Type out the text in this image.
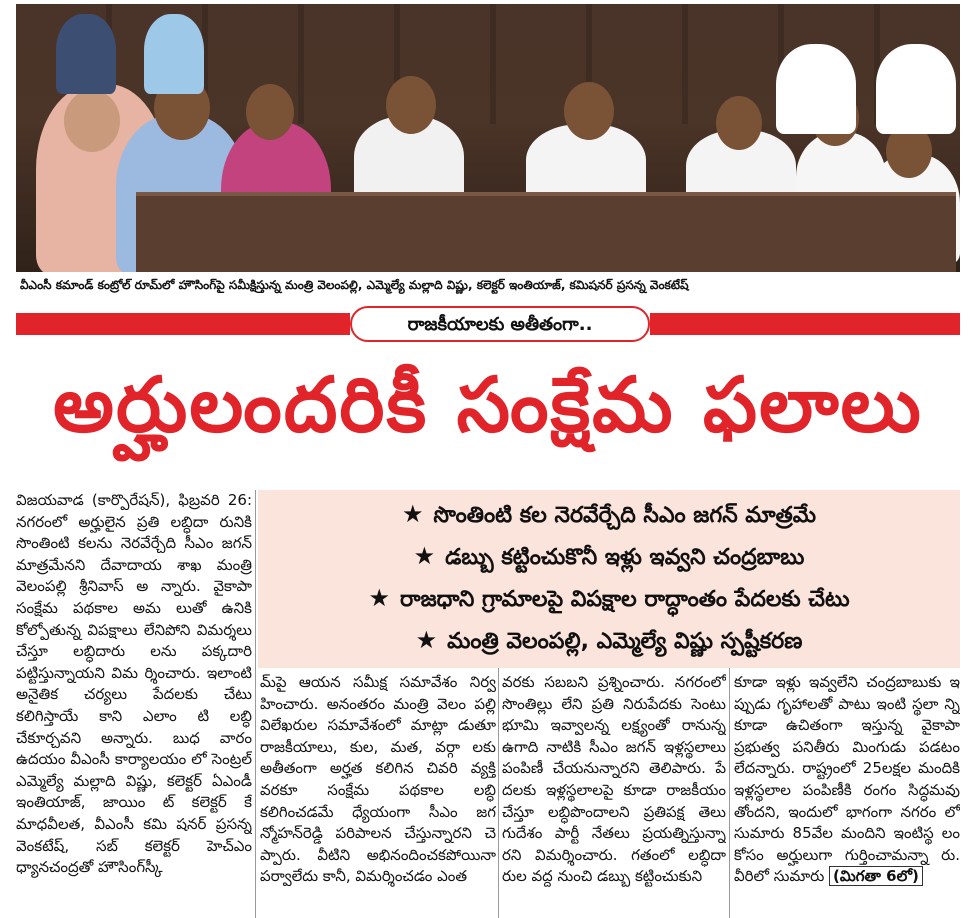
వీఎంసీ కమాండ్ కంట్రోల్ రూమ్‌లో హౌసింగ్‌పై సమీక్షిస్తున్న మంత్రి వెలంపల్లి, ఎమ్మెల్యే మల్లాది విష్ణు, కలెక్టర్ ఇంతియాజ్, కమిషనర్ ప్రసన్న వెంకటేష్
రాజకీయాలకు అతీతంగా..
అర్హులందరికీ సంక్షేమ ఫలాలు
★ సొంతింటి కల నెరవేర్చేది సీఎం జగన్ మాత్రమే
★ డబ్బు కట్టించుకొనీ ఇళ్లు ఇవ్వని చంద్రబాబు
★ రాజధాని గ్రామాలపై విపక్షాల రాద్ధాంతం పేదలకు చేటు
★ మంత్రి వెలంపల్లి, ఎమ్మెల్యే విష్ణు స్పష్టీకరణ

విజయవాడ (కార్పొరేషన్), ఫిబ్రవరి 26: నగరంలో అర్హులైన ప్రతి లబ్ధిదా రునికి సొంతింటి కలను నెరవేర్చేది సీఎం జగన్ మాత్రమేనని దేవాదాయ శాఖ మంత్రి వెలంపల్లి శ్రీనివాస్ అ న్నారు. వైకాపా సంక్షేమ పథకాల అమ లుతో ఉనికి కోల్పోతున్న విపక్షాలు లేనిపోని విమర్శలు చేస్తూ లబ్ధిదారు లను పక్కదారి పట్టిస్తున్నాయని విమ ర్శించారు. ఇలాంటి అనైతిక చర్యలు పేదలకు చేటు కలిగిస్తాయే కాని ఎలాం టి లబ్ధి చేకూర్చవని అన్నారు. బుధ వారం ఉదయం వీఎంసీ కార్యాలయం లో సెంట్రల్ ఎమ్మెల్యే మల్లాది విష్ణు, కలెక్టర్ ఏఎండీ ఇంతియాజ్, జాయిం ట్ కలెక్టర్ కే మాధవీలత, వీఎంసీ కమి షనర్ ప్రసన్న వెంకటేష్, సబ్ కలెక్టర్ హెచ్‌ఎం ధ్యానచంద్రతో హౌసింగ్‌స్కీ

మ్‌పై ఆయన సమీక్ష సమావేశం నిర్వ హించారు. అనంతరం మంత్రి వెలం పల్లి విలేఖరుల సమావేశంలో మాట్లా డుతూ రాజకీయాలు, కుల, మత, వర్గా లకు అతీతంగా అర్హత కలిగిన చివరి వ్యక్తి వరకూ సంక్షేమ పథకాల లబ్ధి కలిగించడమే ధ్యేయంగా సీఎం జగ న్మోహన్‌రెడ్డి పరిపాలన చేస్తున్నారని చె ప్పారు. వీటిని అభినందించకపోయినా పర్వాలేదు కానీ, విమర్శించడం ఎంత

వరకు సబబని ప్రశ్నించారు. నగరంలో సొంతిల్లు లేని ప్రతి నిరుపేదకు సెంటు భూమి ఇవ్వాలన్న లక్ష్యంతో రానున్న ఉగాది నాటికి సీఎం జగన్ ఇళ్లస్థలాలు పంపిణీ చేయనున్నారని తెలిపారు. పే దలకు ఇళ్లస్థలాలపై కూడా రాజకీయం చేస్తూ లబ్ధిపొందాలని ప్రతిపక్ష తెలు గుదేశం పార్టీ నేతలు ప్రయత్నిస్తున్నా రని విమర్శించారు. గతంలో లబ్ధిదా రుల వద్ద నుంచి డబ్బు కట్టించుకుని

కూడా ఇళ్లు ఇవ్వలేని చంద్రబాబుకు ఇ ప్పుడు గృహాలతో పాటు ఇంటి స్థలా న్ని కూడా ఉచితంగా ఇస్తున్న వైకాపా ప్రభుత్వ పనితీరు మింగుడు పడటం లేదన్నారు. రాష్ట్రంలో 25లక్షల మందికి ఇళ్లస్థలాల పంపిణీకి రంగం సిద్ధమవు తోందని, ఇందులో భాగంగా నగరం లో సుమారు 85వేల మందిని ఇంటిస్థ లం కోసం అర్హులుగా గుర్తించామన్నా రు. వీరిలో సుమారు (మిగతా 6లో)
